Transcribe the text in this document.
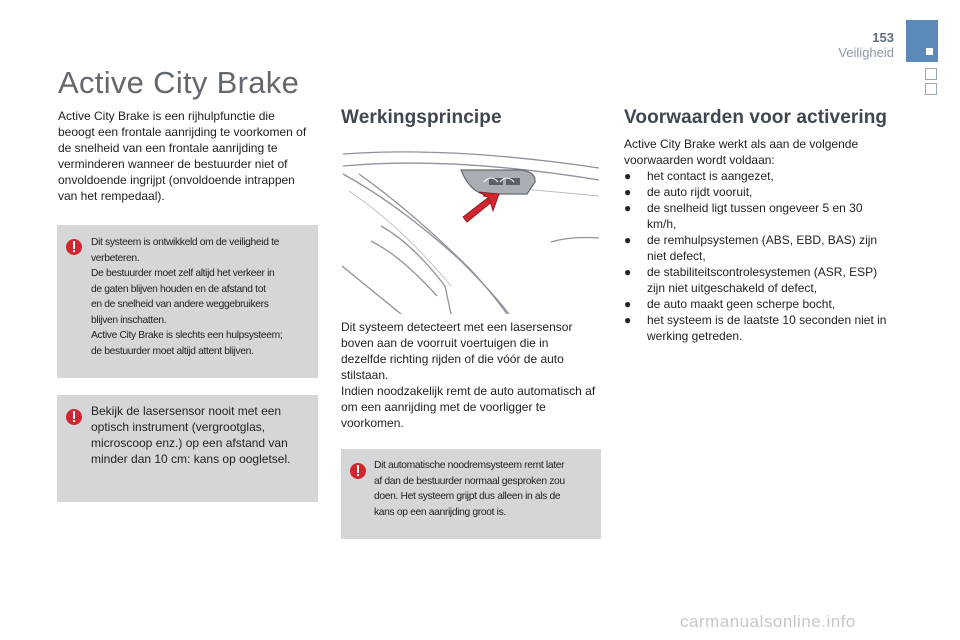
153
Veiligheid
Active City Brake
Active City Brake is een rijhulpfunctie die beoogt een frontale aanrijding te voorkomen of de snelheid van een frontale aanrijding te verminderen wanneer de bestuurder niet of onvoldoende ingrijpt (onvoldoende intrappen van het rempedaal).
Dit systeem is ontwikkeld om de veiligheid te
verbeteren.
De bestuurder moet zelf altijd het verkeer in
de gaten blijven houden en de afstand tot
en de snelheid van andere weggebruikers
blijven inschatten.
Active City Brake is slechts een hulpsysteem;
de bestuurder moet altijd attent blijven.
Bekijk de lasersensor nooit met een optisch instrument (vergrootglas, microscoop enz.) op een afstand van minder dan 10 cm: kans op oogletsel.
Werkingsprincipe
Dit systeem detecteert met een lasersensor boven aan de voorruit voertuigen die in dezelfde richting rijden of die vóór de auto stilstaan.
Indien noodzakelijk remt de auto automatisch af om een aanrijding met de voorligger te voorkomen.
Dit automatische noodremsysteem remt later
af dan de bestuurder normaal gesproken zou
doen. Het systeem grijpt dus alleen in als de
kans op een aanrijding groot is.
Voorwaarden voor activering
Active City Brake werkt als aan de volgende voorwaarden wordt voldaan:
● het contact is aangezet,
● de auto rijdt vooruit,
● de snelheid ligt tussen ongeveer 5 en 30 km/h,
● de remhulpsystemen (ABS, EBD, BAS) zijn niet defect,
● de stabiliteitscontrolesystemen (ASR, ESP) zijn niet uitgeschakeld of defect,
● de auto maakt geen scherpe bocht,
● het systeem is de laatste 10 seconden niet in werking getreden.
carmanualsonline.info
